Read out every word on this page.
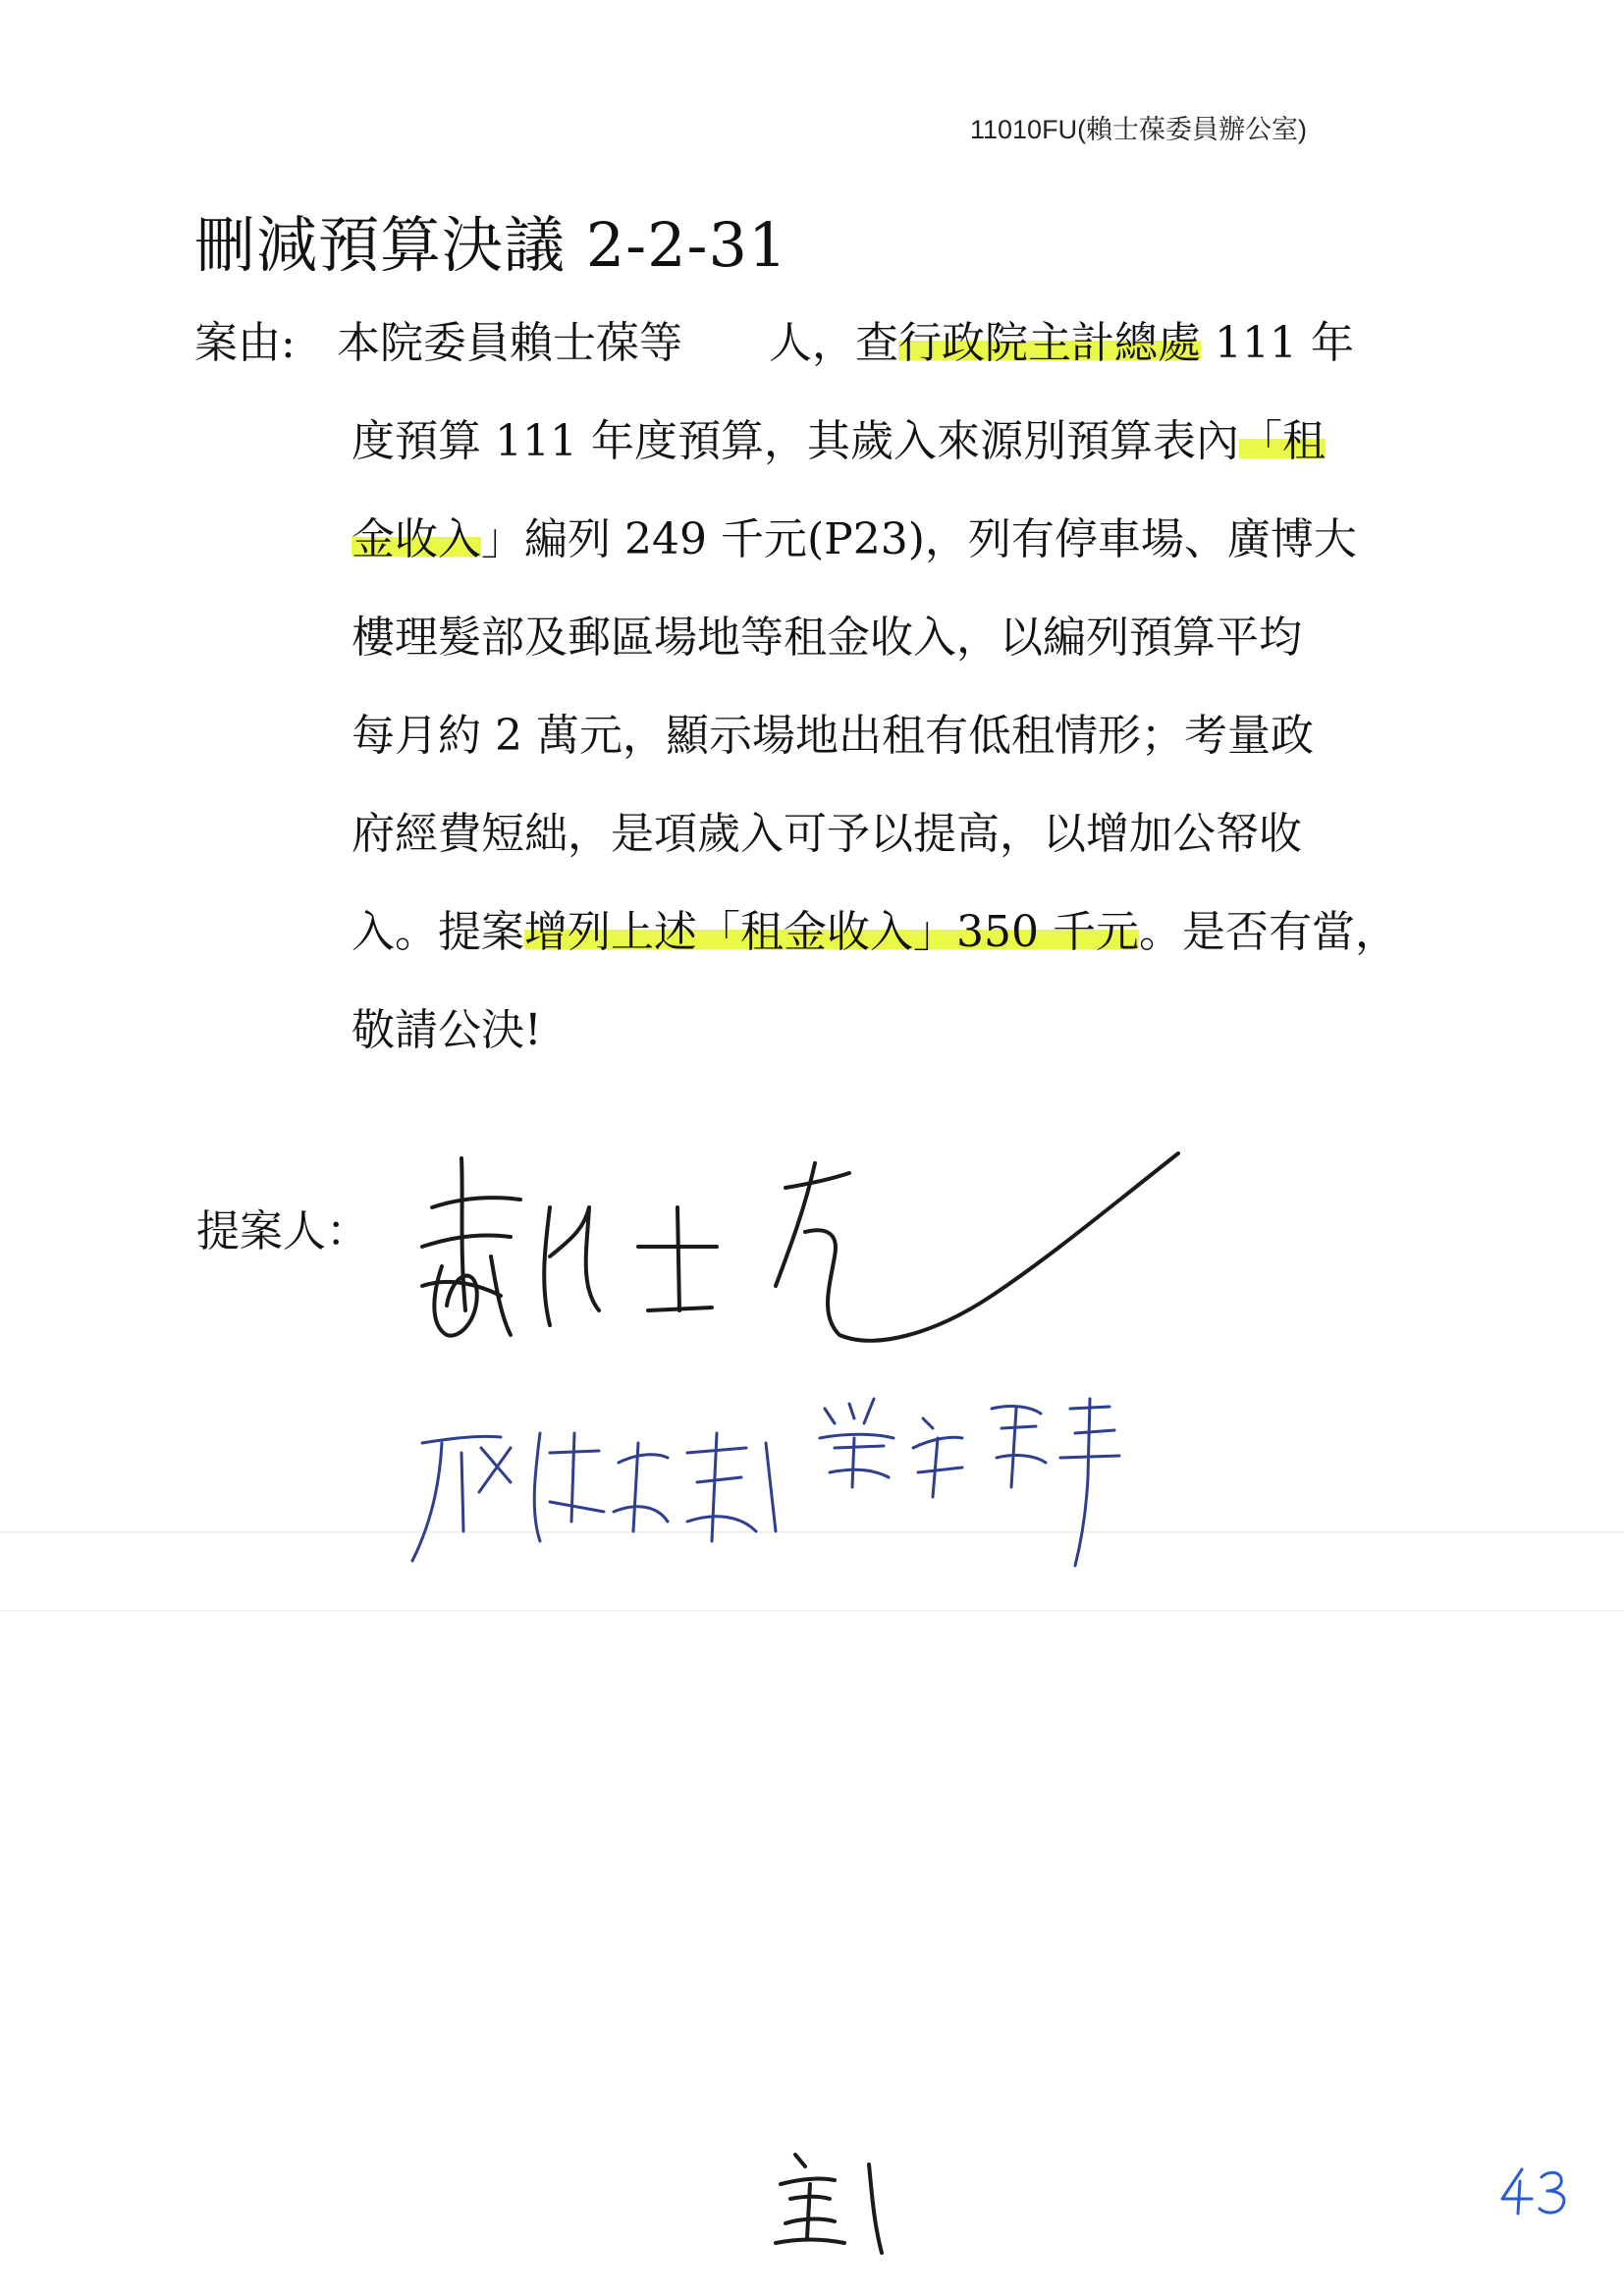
11010FU(賴士葆委員辦公室)
刪減預算決議 2-2-31
案由: 本院委員賴士葆等　　人，查行政院主計總處 111 年
度預算 111 年度預算，其歲入來源別預算表內「租
金收入」編列 249 千元(P23)，列有停車場、廣博大
樓理髮部及郵區場地等租金收入，以編列預算平均
每月約 2 萬元，顯示場地出租有低租情形；考量政
府經費短絀，是項歲入可予以提高，以增加公帑收
入。提案增列上述「租金收入」350 千元。是否有當，
敬請公決!
提案人：
